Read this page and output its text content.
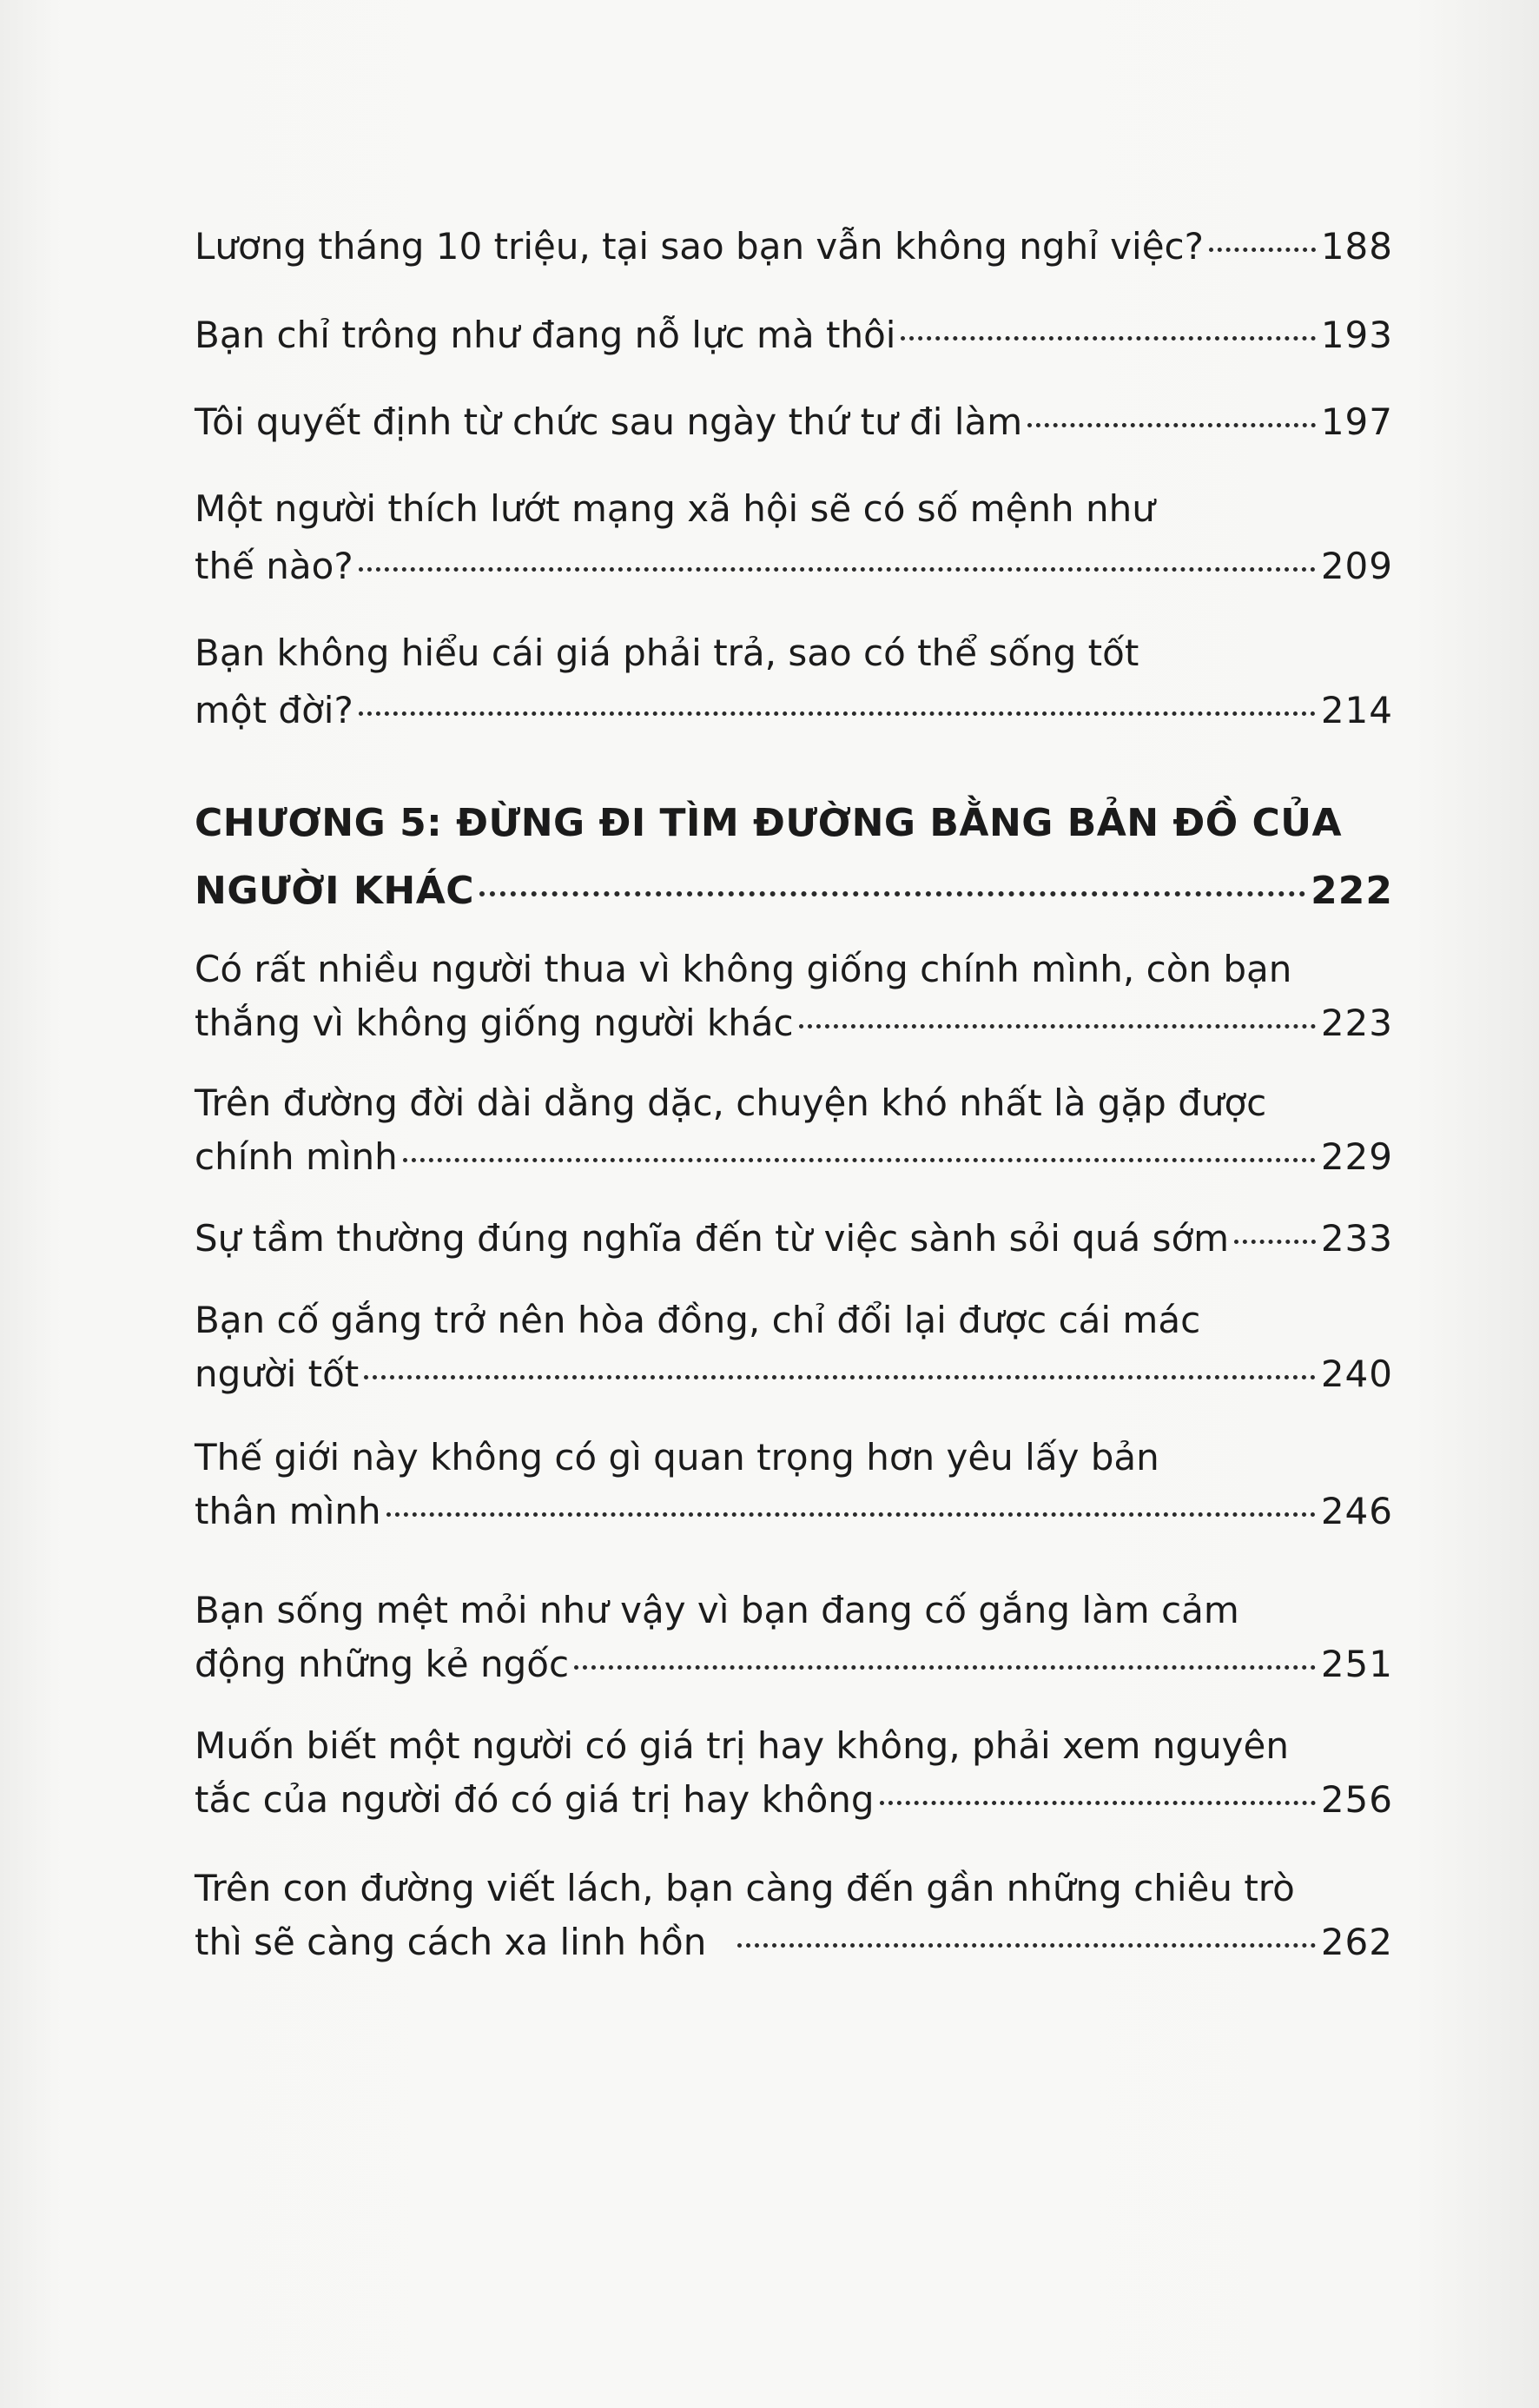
Lương tháng 10 triệu, tại sao bạn vẫn không nghỉ việc?	188
Bạn chỉ trông như đang nỗ lực mà thôi	193
Tôi quyết định từ chức sau ngày thứ tư đi làm	197
Một người thích lướt mạng xã hội sẽ có số mệnh như
thế nào?	209
Bạn không hiểu cái giá phải trả, sao có thể sống tốt
một đời?	214
CHƯƠNG 5: ĐỪNG ĐI TÌM ĐƯỜNG BẰNG BẢN ĐỒ CỦA
NGƯỜI KHÁC	222
Có rất nhiều người thua vì không giống chính mình, còn bạn
thắng vì không giống người khác	223
Trên đường đời dài dằng dặc, chuyện khó nhất là gặp được
chính mình	229
Sự tầm thường đúng nghĩa đến từ việc sành sỏi quá sớm	233
Bạn cố gắng trở nên hòa đồng, chỉ đổi lại được cái mác
người tốt	240
Thế giới này không có gì quan trọng hơn yêu lấy bản
thân mình	246
Bạn sống mệt mỏi như vậy vì bạn đang cố gắng làm cảm
động những kẻ ngốc	251
Muốn biết một người có giá trị hay không, phải xem nguyên
tắc của người đó có giá trị hay không	256
Trên con đường viết lách, bạn càng đến gần những chiêu trò
thì sẽ càng cách xa linh hồn	262
